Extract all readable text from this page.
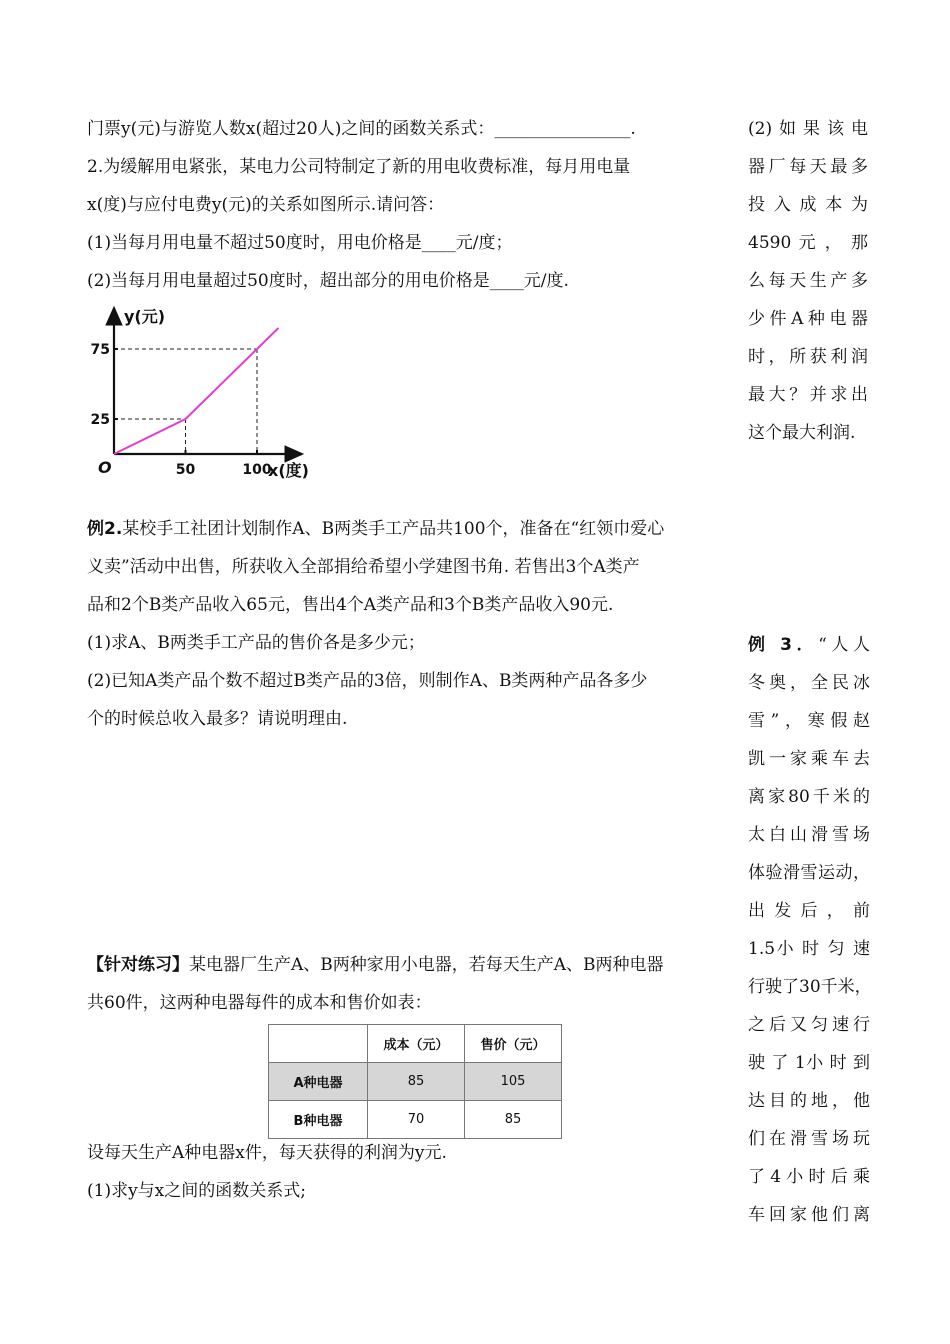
门票y(元)与游览人数x(超过20人)之间的函数关系式：________________.
2.为缓解用电紧张，某电力公司特制定了新的用电收费标准，每月用电量
x(度)与应付电费y(元)的关系如图所示.请问答：
(1)当每月用电量不超过50度时，用电价格是____元/度；
(2)当每月用电量超过50度时，超出部分的用电价格是____元/度.
(2)如果该电
器厂每天最多
投 入 成 本 为
4590 元 ， 那
么每天生产多
少件A种电器
时，所获利润
最大？并求出
这个最大利润.
O
y(元)
x(度)
50	100
25
75
例2.某校手工社团计划制作A、B两类手工产品共100个，准备在“红领巾爱心
义卖”活动中出售，所获收入全部捐给希望小学建图书角. 若售出3个A类产
品和2个B类产品收入65元，售出4个A类产品和3个B类产品收入90元.
(1)求A、B两类手工产品的售价各是多少元；
(2)已知A类产品个数不超过B类产品的3倍，则制作A、B类两种产品各多少
个的时候总收入最多？请说明理由.
【针对练习】某电器厂生产A、B两种家用小电器，若每天生产A、B两种电器
共60件，这两种电器每件的成本和售价如表：
	成本（元）	售价（元）
A种电器	85	105
B种电器	70	85
设每天生产A种电器x件，每天获得的利润为y元.
(1)求y与x之间的函数关系式;
例 3．“人人
冬奥，全民冰
雪”，寒假赵
凯一家乘车去
离家80千米的
太白山滑雪场
体验滑雪运动，
出 发 后 ， 前
1.5小 时 匀 速
行驶了30千米，
之后又匀速行
驶 了 1小 时 到
达目的地，他
们在滑雪场玩
了4小时后乘
车回家他们离
